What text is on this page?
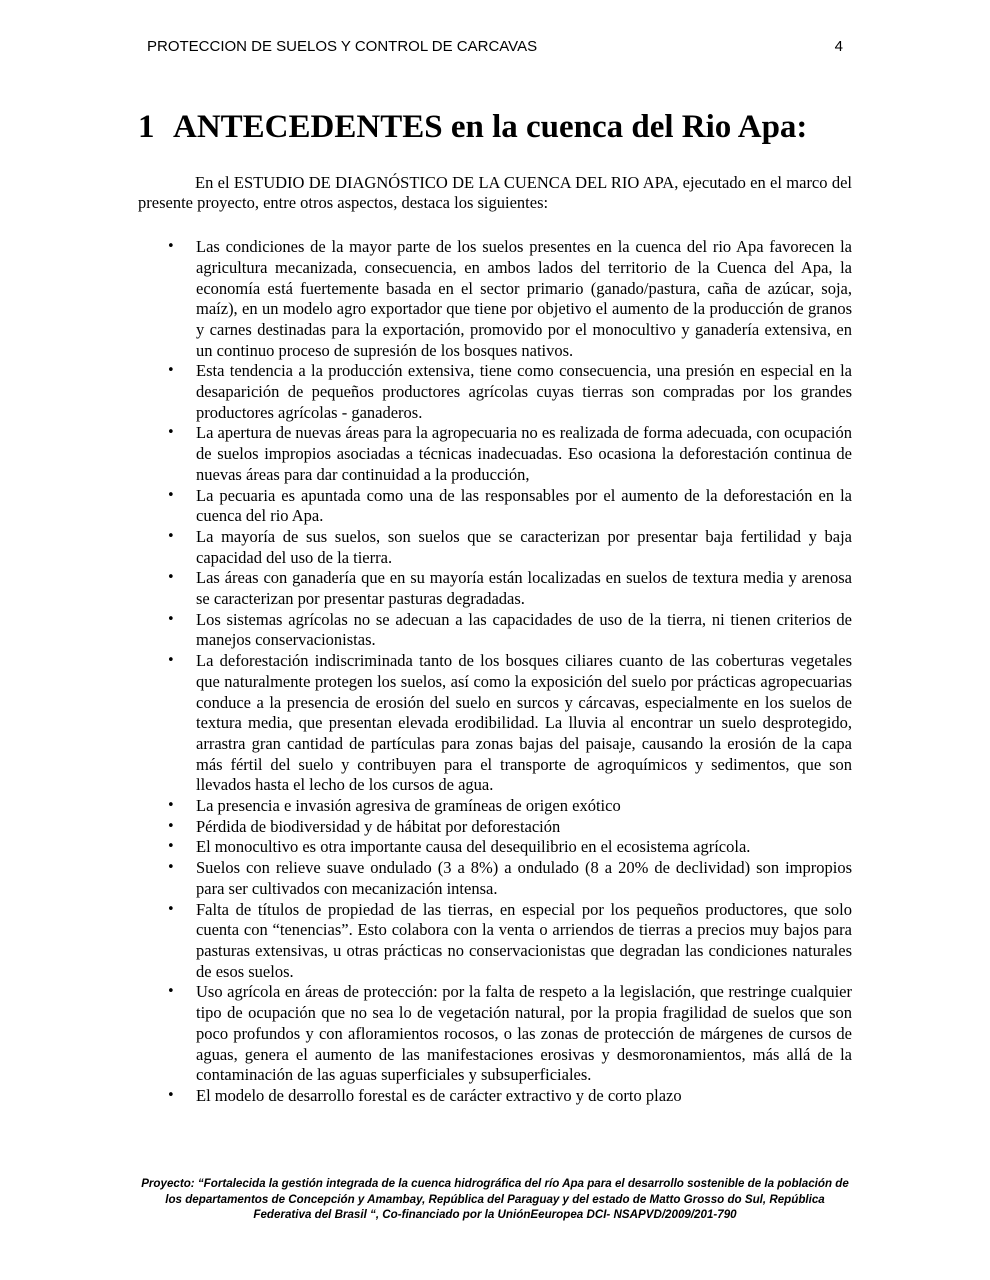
PROTECCION DE SUELOS Y CONTROL DE CARCAVAS	4
1 ANTECEDENTES en la cuenca del Rio Apa:

En el ESTUDIO DE DIAGNÓSTICO DE LA CUENCA DEL RIO APA, ejecutado en el marco del presente proyecto, entre otros aspectos, destaca los siguientes:

• Las condiciones de la mayor parte de los suelos presentes en la cuenca del rio Apa favorecen la agricultura mecanizada, consecuencia, en ambos lados del territorio de la Cuenca del Apa, la economía está fuertemente basada en el sector primario (ganado/pastura, caña de azúcar, soja, maíz), en un modelo agro exportador que tiene por objetivo el aumento de la producción de granos y carnes destinadas para la exportación, promovido por el monocultivo y ganadería extensiva, en un continuo proceso de supresión de los bosques nativos.
• Esta tendencia a la producción extensiva, tiene como consecuencia, una presión en especial en la desaparición de pequeños productores agrícolas cuyas tierras son compradas por los grandes productores agrícolas - ganaderos.
• La apertura de nuevas áreas para la agropecuaria no es realizada de forma adecuada, con ocupación de suelos impropios asociadas a técnicas inadecuadas. Eso ocasiona la deforestación continua de nuevas áreas para dar continuidad a la producción,
• La pecuaria es apuntada como una de las responsables por el aumento de la deforestación en la cuenca del rio Apa.
• La mayoría de sus suelos, son suelos que se caracterizan por presentar baja fertilidad y baja capacidad del uso de la tierra.
• Las áreas con ganadería que en su mayoría están localizadas en suelos de textura media y arenosa se caracterizan por presentar pasturas degradadas.
• Los sistemas agrícolas no se adecuan a las capacidades de uso de la tierra, ni tienen criterios de manejos conservacionistas.
• La deforestación indiscriminada tanto de los bosques ciliares cuanto de las coberturas vegetales que naturalmente protegen los suelos, así como la exposición del suelo por prácticas agropecuarias conduce a la presencia de erosión del suelo en surcos y cárcavas, especialmente en los suelos de textura media, que presentan elevada erodibilidad. La lluvia al encontrar un suelo desprotegido, arrastra gran cantidad de partículas para zonas bajas del paisaje, causando la erosión de la capa más fértil del suelo y contribuyen para el transporte de agroquímicos y sedimentos, que son llevados hasta el lecho de los cursos de agua.
• La presencia e invasión agresiva de gramíneas de origen exótico
• Pérdida de biodiversidad y de hábitat por deforestación
• El monocultivo es otra importante causa del desequilibrio en el ecosistema agrícola.
• Suelos con relieve suave ondulado (3 a 8%) a ondulado (8 a 20% de declividad) son impropios para ser cultivados con mecanización intensa.
• Falta de títulos de propiedad de las tierras, en especial por los pequeños productores, que solo cuenta con “tenencias”. Esto colabora con la venta o arriendos de tierras a precios muy bajos para pasturas extensivas, u otras prácticas no conservacionistas que degradan las condiciones naturales de esos suelos.
• Uso agrícola en áreas de protección: por la falta de respeto a la legislación, que restringe cualquier tipo de ocupación que no sea lo de vegetación natural, por la propia fragilidad de suelos que son poco profundos y con afloramientos rocosos, o las zonas de protección de márgenes de cursos de aguas, genera el aumento de las manifestaciones erosivas y desmoronamientos, más allá de la contaminación de las aguas superficiales y subsuperficiales.
• El modelo de desarrollo forestal es de carácter extractivo y de corto plazo
Proyecto: “Fortalecida la gestión integrada de la cuenca hidrográfica del río Apa para el desarrollo sostenible de la población de los departamentos de Concepción y Amambay, República del Paraguay y del estado de Matto Grosso do Sul, República Federativa del Brasil “, Co-financiado por la UniónEeuropea DCI- NSAPVD/2009/201-790
